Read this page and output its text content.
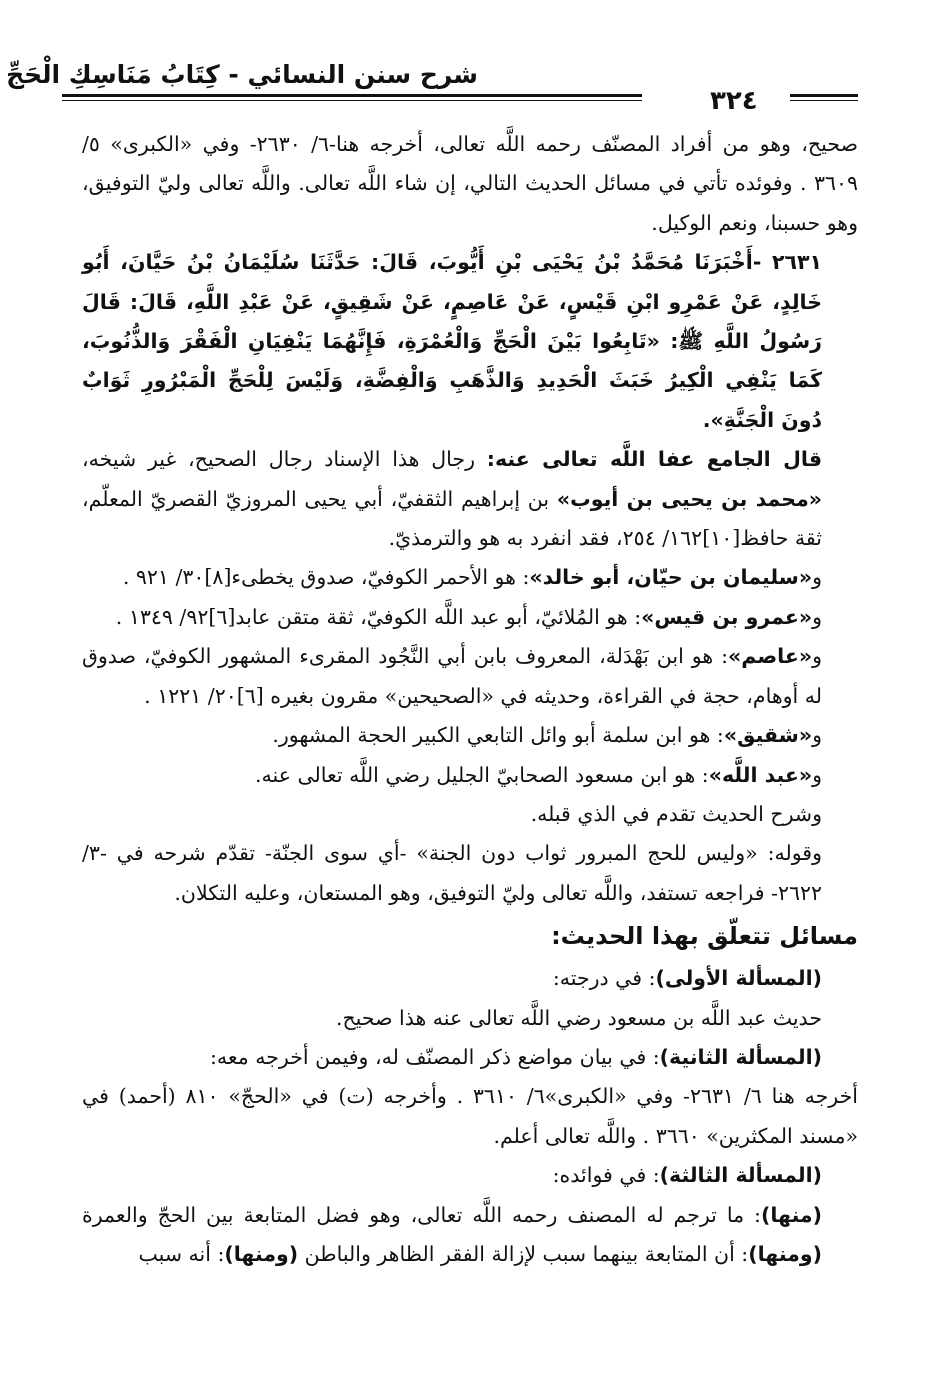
شرح سنن النسائي - كِتَابُ مَنَاسِكِ الْحَجِّ
٣٢٤

صحيح، وهو من أفراد المصنّف رحمه اللَّه تعالى، أخرجه هنا-٦/ ٢٦٣٠- وفي «الكبرى» ٥/ ٣٦٠٩ . وفوئده تأتي في مسائل الحديث التالي، إن شاء اللَّه تعالى. واللَّه تعالى وليّ التوفيق، وهو حسبنا، ونعم الوكيل.

٢٦٣١ -أَخْبَرَنَا مُحَمَّدُ بْنُ يَحْيَى بْنِ أَيُّوبَ، قَالَ: حَدَّثَنَا سُلَيْمَانُ بْنُ حَيَّانَ، أَبُو خَالِدٍ، عَنْ عَمْرِو ابْنِ قَيْسٍ، عَنْ عَاصِمٍ، عَنْ شَقِيقٍ، عَنْ عَبْدِ اللَّهِ، قَالَ: قَالَ رَسُولُ اللَّهِ ﷺ: «تَابِعُوا بَيْنَ الْحَجِّ وَالْعُمْرَةِ، فَإِنَّهُمَا يَنْفِيَانِ الْفَقْرَ وَالذُّنُوبَ، كَمَا يَنْفِي الْكِيرُ خَبَثَ الْحَدِيدِ وَالذَّهَبِ وَالْفِضَّةِ، وَلَيْسَ لِلْحَجِّ الْمَبْرُورِ ثَوَابٌ دُونَ الْجَنَّةِ».

قال الجامع عفا اللَّه تعالى عنه: رجال هذا الإسناد رجال الصحيح، غير شيخه، «محمد بن يحيى بن أيوب» بن إبراهيم الثقفيّ، أبي يحيى المروزيّ القصريّ المعلّم، ثقة حافظ[١٠]١٦٢/ ٢٥٤، فقد انفرد به هو والترمذيّ.

و«سليمان بن حيّان، أبو خالد»: هو الأحمر الكوفيّ، صدوق يخطىء[٨]٣٠/ ٩٢١ .

و«عمرو بن قيس»: هو المُلائيّ، أبو عبد اللَّه الكوفيّ، ثقة متقن عابد[٦]٩٢/ ١٣٤٩ .

و«عاصم»: هو ابن بَهْدَلة، المعروف بابن أبي النَّجُود المقرىء المشهور الكوفيّ، صدوق له أوهام، حجة في القراءة، وحديثه في «الصحيحين» مقرون بغيره [٦]٢٠/ ١٢٢١ .

و«شقيق»: هو ابن سلمة أبو وائل التابعي الكبير الحجة المشهور.

و«عبد اللَّه»: هو ابن مسعود الصحابيّ الجليل رضي اللَّه تعالى عنه.

وشرح الحديث تقدم في الذي قبله.

وقوله: «وليس للحج المبرور ثواب دون الجنة» -أي سوى الجنّة- تقدّم شرحه في -٣/ ٢٦٢٢- فراجعه تستفد، واللَّه تعالى وليّ التوفيق، وهو المستعان، وعليه التكلان.

مسائل تتعلّق بهذا الحديث:

(المسألة الأولى): في درجته:

حديث عبد اللَّه بن مسعود رضي اللَّه تعالى عنه هذا صحيح.

(المسألة الثانية): في بيان مواضع ذكر المصنّف له، وفيمن أخرجه معه:

أخرجه هنا ٦/ ٢٦٣١- وفي «الكبرى»٦/ ٣٦١٠ . وأخرجه (ت) في «الحجّ» ٨١٠ (أحمد) في «مسند المكثرين» ٣٦٦٠ . واللَّه تعالى أعلم.

(المسألة الثالثة): في فوائده:

(منها): ما ترجم له المصنف رحمه اللَّه تعالى، وهو فضل المتابعة بين الحجّ والعمرة (ومنها): أن المتابعة بينهما سبب لإزالة الفقر الظاهر والباطن (ومنها): أنه سبب
